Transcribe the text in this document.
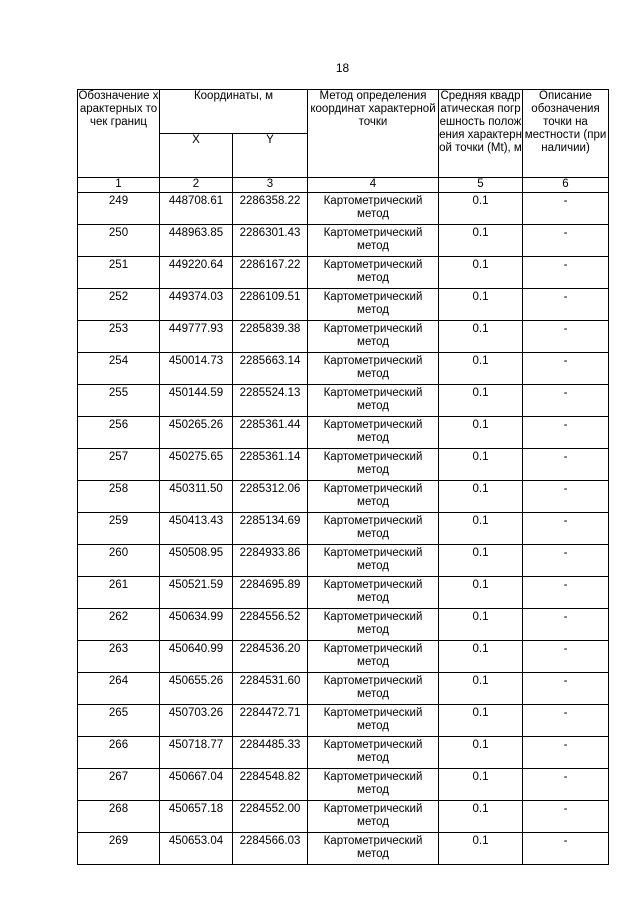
18
Обозначение характерных точек границ	Координаты, м		Метод определения координат характерной точки	Средняя квадратическая погрешность положения характерной точки (Mt), м	Описание обозначения точки на местности (при наличии)
	X	Y			
1	2	3	4	5	6
249	448708.61	2286358.22	Картометрический метод	0.1	-
250	448963.85	2286301.43	Картометрический метод	0.1	-
251	449220.64	2286167.22	Картометрический метод	0.1	-
252	449374.03	2286109.51	Картометрический метод	0.1	-
253	449777.93	2285839.38	Картометрический метод	0.1	-
254	450014.73	2285663.14	Картометрический метод	0.1	-
255	450144.59	2285524.13	Картометрический метод	0.1	-
256	450265.26	2285361.44	Картометрический метод	0.1	-
257	450275.65	2285361.14	Картометрический метод	0.1	-
258	450311.50	2285312.06	Картометрический метод	0.1	-
259	450413.43	2285134.69	Картометрический метод	0.1	-
260	450508.95	2284933.86	Картометрический метод	0.1	-
261	450521.59	2284695.89	Картометрический метод	0.1	-
262	450634.99	2284556.52	Картометрический метод	0.1	-
263	450640.99	2284536.20	Картометрический метод	0.1	-
264	450655.26	2284531.60	Картометрический метод	0.1	-
265	450703.26	2284472.71	Картометрический метод	0.1	-
266	450718.77	2284485.33	Картометрический метод	0.1	-
267	450667.04	2284548.82	Картометрический метод	0.1	-
268	450657.18	2284552.00	Картометрический метод	0.1	-
269	450653.04	2284566.03	Картометрический метод	0.1	-
